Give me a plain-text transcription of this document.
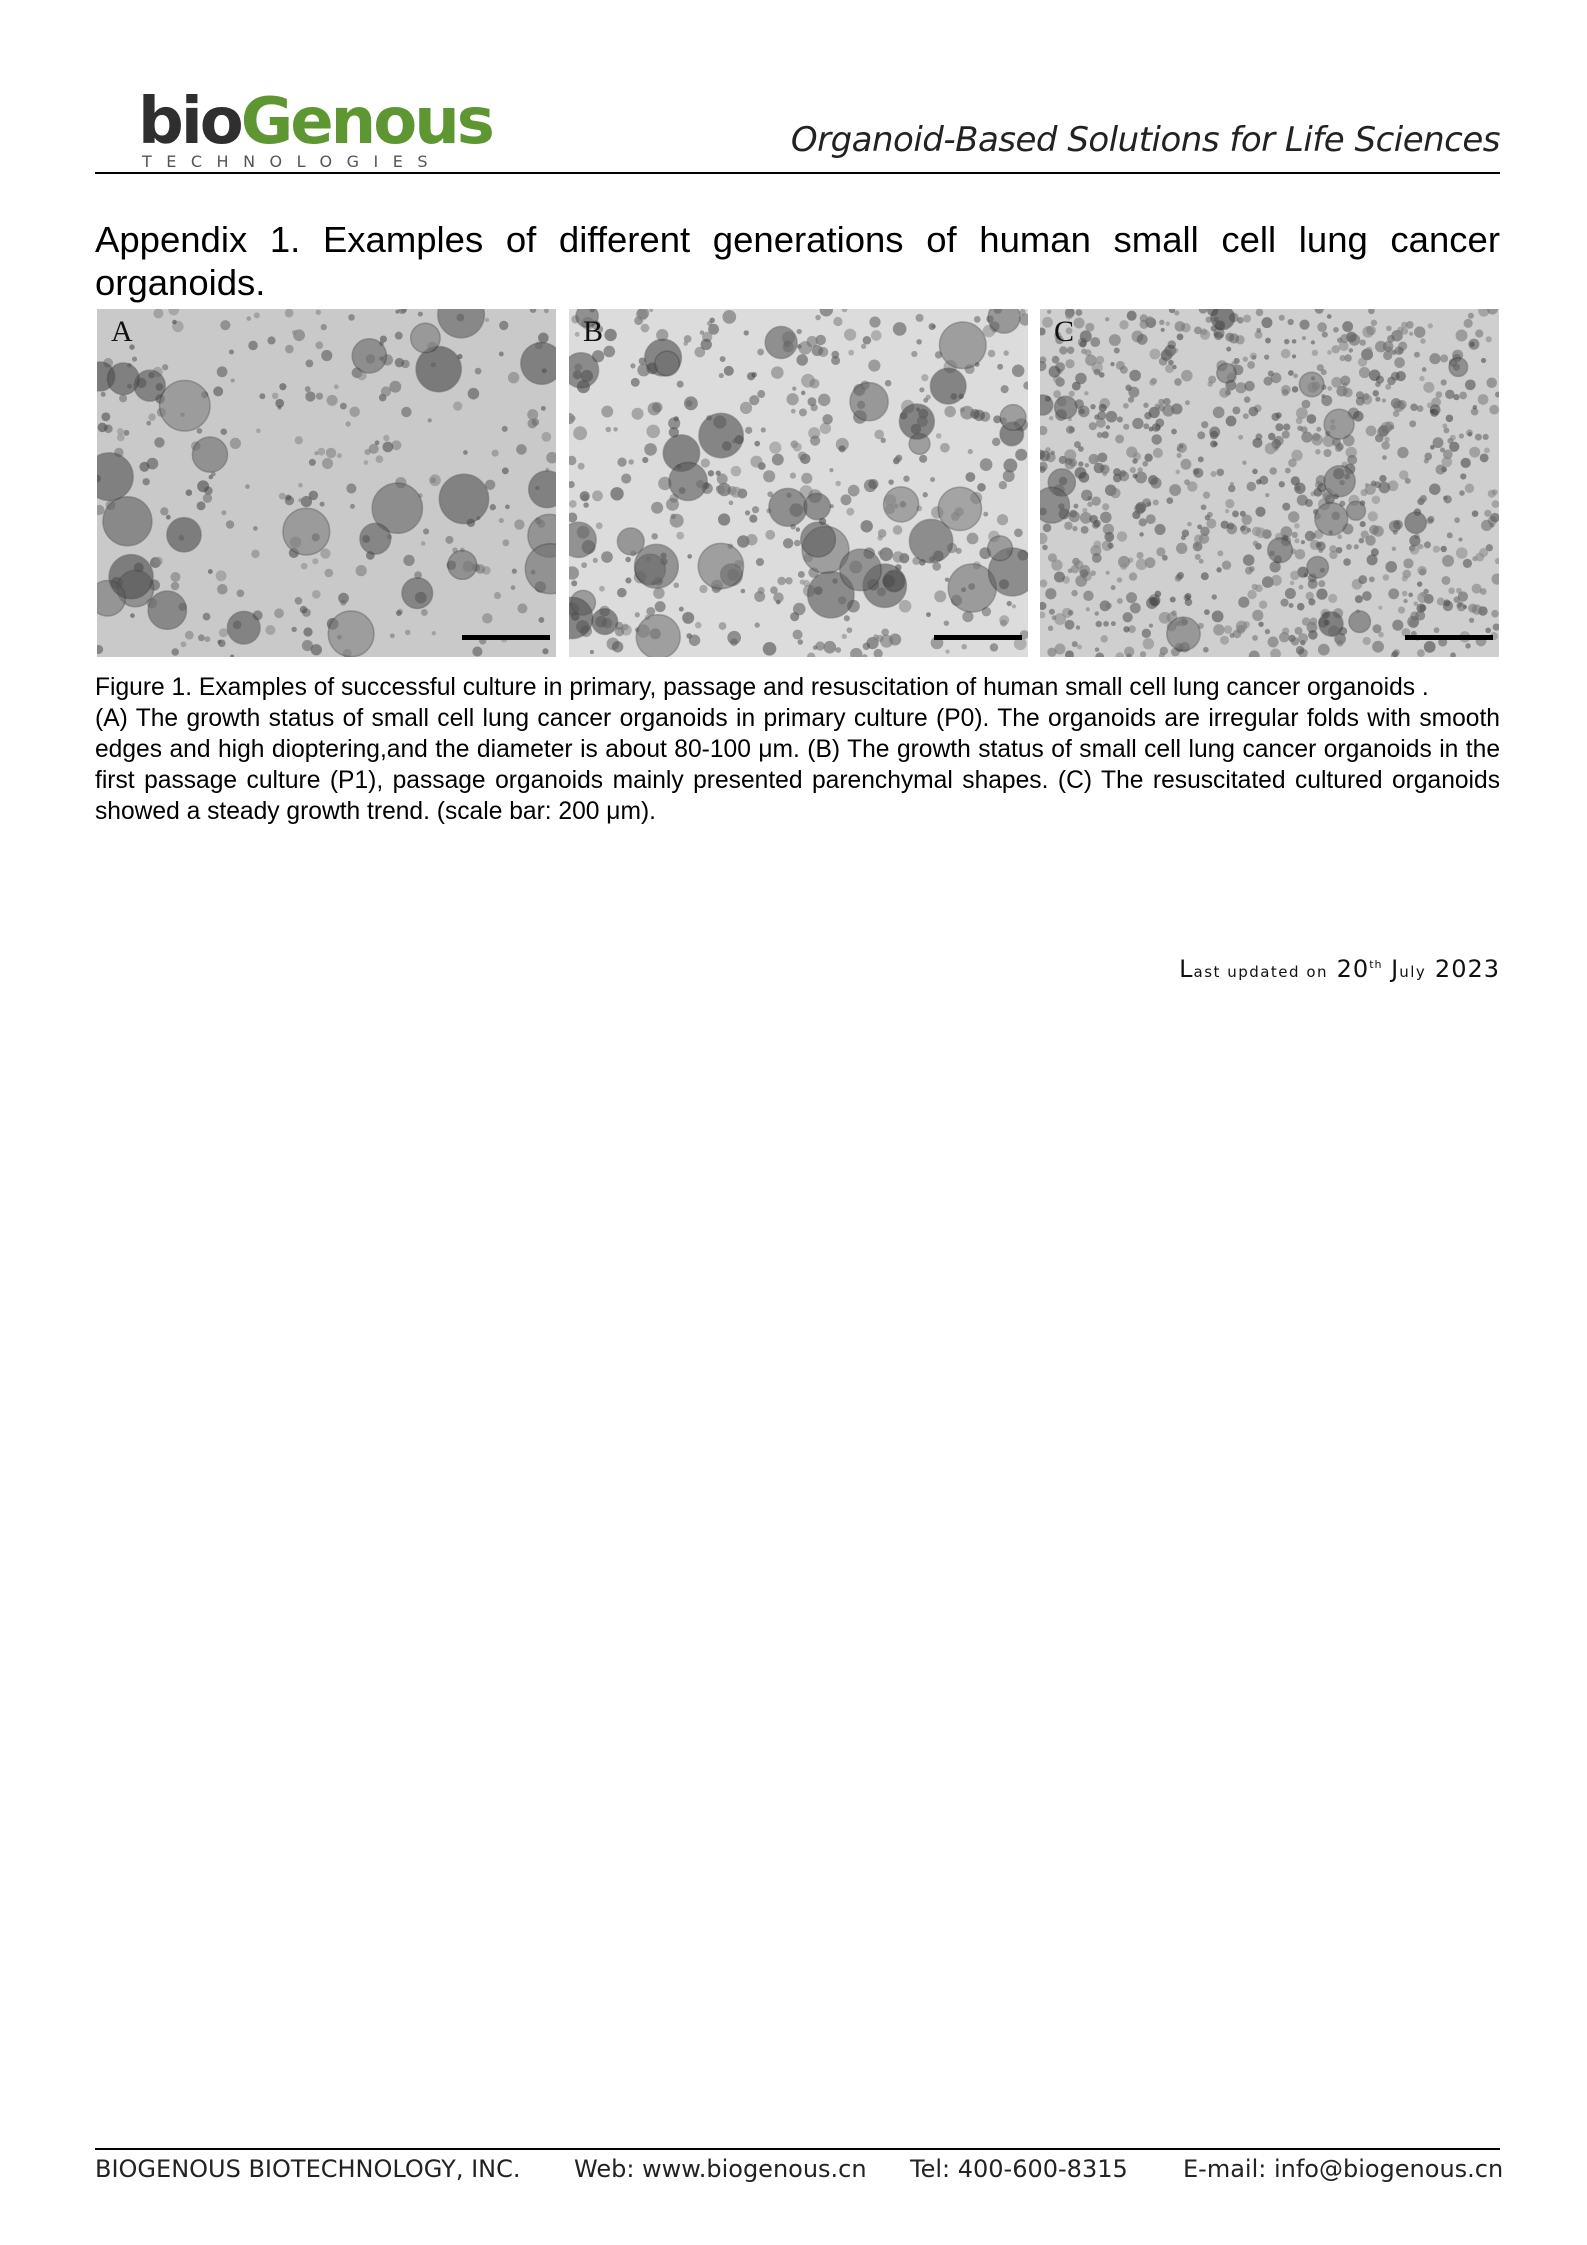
bioGenous
TECHNOLOGIES
Organoid-Based Solutions for Life Sciences
Appendix 1. Examples of different generations of human small cell lung cancer organoids.
A	B	C

Figure 1. Examples of successful culture in primary, passage and resuscitation of human small cell lung cancer organoids .

(A) The growth status of small cell lung cancer organoids in primary culture (P0). The organoids are irregular folds with smooth edges and high dioptering,and the diameter is about 80-100 μm. (B) The growth status of small cell lung cancer organoids in the first passage culture (P1), passage organoids mainly presented parenchymal shapes. (C) The resuscitated cultured organoids showed a steady growth trend. (scale bar: 200 μm).

Last updated on 20th July 2023
BIOGENOUS BIOTECHNOLOGY, INC. Web: www.biogenous.cn Tel: 400-600-8315 E-mail: info@biogenous.cn
